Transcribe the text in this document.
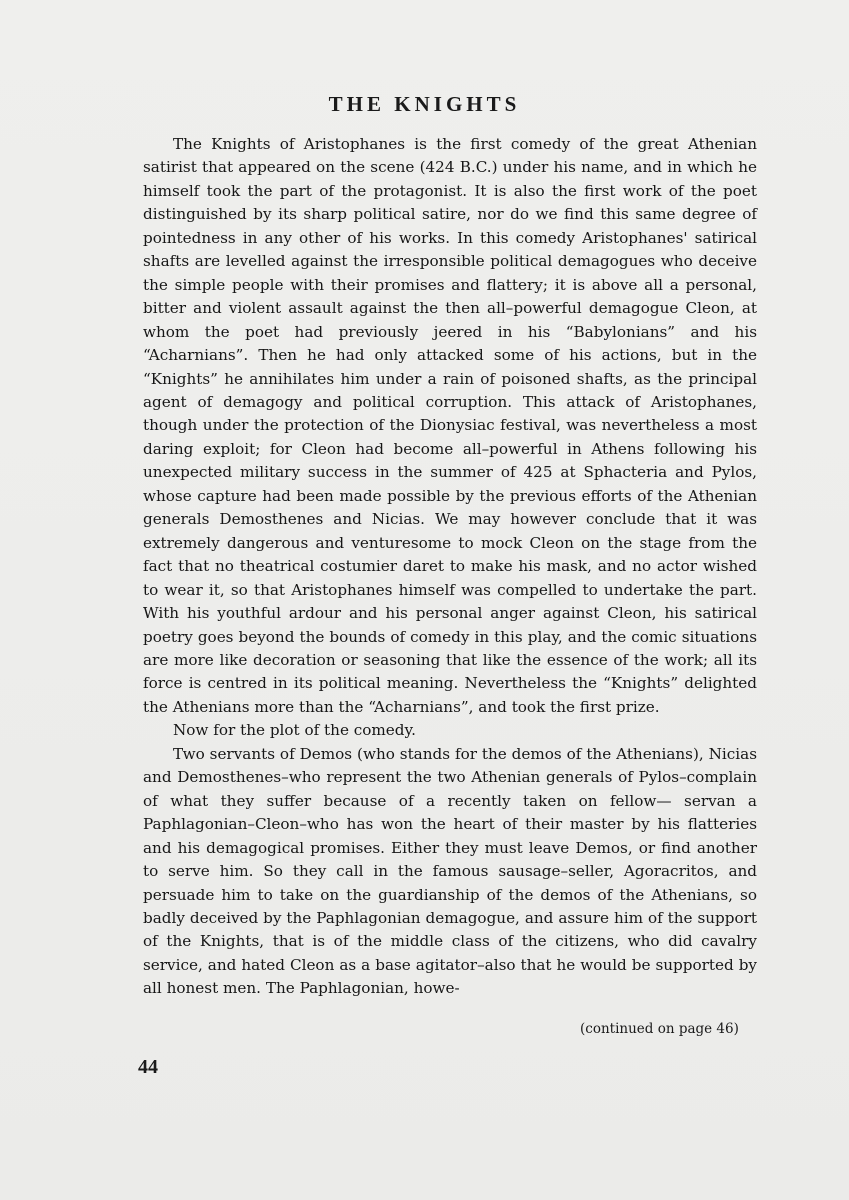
THE KNIGHTS

The Knights of Aristophanes is the first comedy of the great Athenian satirist that appeared on the scene (424 B.C.) under his name, and in which he himself took the part of the protagonist. It is also the first work of the poet distinguished by its sharp political satire, nor do we find this same degree of pointedness in any other of his works. In this comedy Aristophanes' satirical shafts are levelled against the irresponsible political demagogues who deceive the simple people with their promises and flattery; it is above all a personal, bitter and violent assault against the then all–powerful demagogue Cleon, at whom the poet had previously jeered in his “Babylonians” and his “Acharnians”. Then he had only attacked some of his actions, but in the “Knights” he annihilates him under a rain of poisoned shafts, as the principal agent of demagogy and political corruption. This attack of Aristophanes, though under the protection of the Dionysiac festival, was nevertheless a most daring exploit; for Cleon had become all–powerful in Athens following his unexpected military success in the summer of 425 at Sphacteria and Pylos, whose capture had been made possible by the previous efforts of the Athenian generals Demosthenes and Nicias. We may however conclude that it was extremely dangerous and venturesome to mock Cleon on the stage from the fact that no theatrical costumier daret to make his mask, and no actor wished to wear it, so that Aristophanes himself was compelled to undertake the part. With his youthful ardour and his personal anger against Cleon, his satirical poetry goes beyond the bounds of comedy in this play, and the comic situations are more like decoration or seasoning that like the essence of the work; all its force is centred in its political meaning. Nevertheless the “Knights” delighted the Athenians more than the “Acharnians”, and took the first prize.

Now for the plot of the comedy.

Two servants of Demos (who stands for the demos of the Athenians), Nicias and Demosthenes–who represent the two Athenian generals of Pylos–complain of what they suffer because of a recently taken on fellow— servan a Paphlagonian–Cleon–who has won the heart of their master by his flatteries and his demagogical promises. Either they must leave Demos, or find another to serve him. So they call in the famous sausage–seller, Agoracritos, and persuade him to take on the guardianship of the demos of the Athenians, so badly deceived by the Paphlagonian demagogue, and assure him of the support of the Knights, that is of the middle class of the citizens, who did cavalry service, and hated Cleon as a base agitator–also that he would be supported by all honest men. The Paphlagonian, howe-

(continued on page 46)
44
